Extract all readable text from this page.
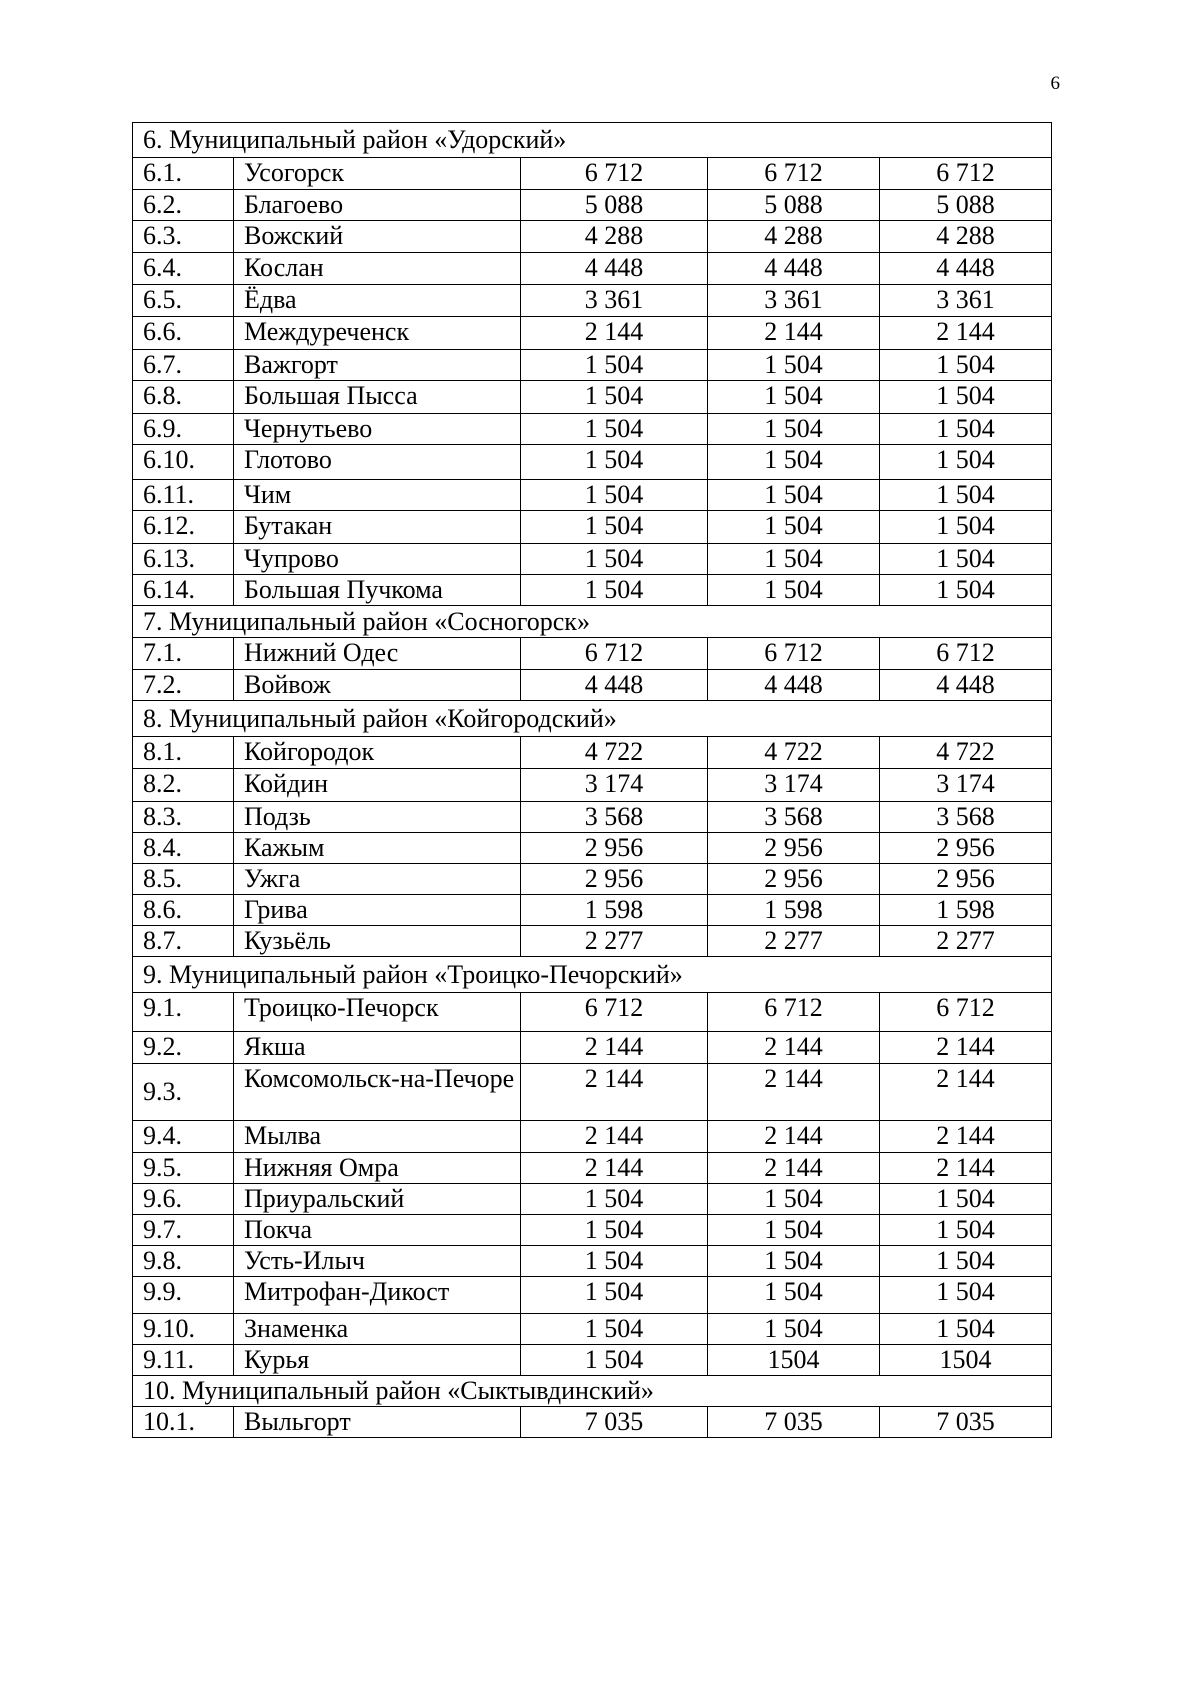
6
6. Муниципальный район «Удорский»				
6.1.	Усогорск	6 712	6 712	6 712
6.2.	Благоево	5 088	5 088	5 088
6.3.	Вожский	4 288	4 288	4 288
6.4.	Кослан	4 448	4 448	4 448
6.5.	Ёдва	3 361	3 361	3 361
6.6.	Междуреченск	2 144	2 144	2 144
6.7.	Важгорт	1 504	1 504	1 504
6.8.	Большая Пысса	1 504	1 504	1 504
6.9.	Чернутьево	1 504	1 504	1 504
6.10.	Глотово	1 504	1 504	1 504
6.11.	Чим	1 504	1 504	1 504
6.12.	Бутакан	1 504	1 504	1 504
6.13.	Чупрово	1 504	1 504	1 504
6.14.	Большая Пучкома	1 504	1 504	1 504
7. Муниципальный район «Сосногорск»				
7.1.	Нижний Одес	6 712	6 712	6 712
7.2.	Войвож	4 448	4 448	4 448
8. Муниципальный район «Койгородский»				
8.1.	Койгородок	4 722	4 722	4 722
8.2.	Койдин	3 174	3 174	3 174
8.3.	Подзь	3 568	3 568	3 568
8.4.	Кажым	2 956	2 956	2 956
8.5.	Ужга	2 956	2 956	2 956
8.6.	Грива	1 598	1 598	1 598
8.7.	Кузьёль	2 277	2 277	2 277
9. Муниципальный район «Троицко-Печорский»				
9.1.	Троицко-Печорск	6 712	6 712	6 712
9.2.	Якша	2 144	2 144	2 144
9.3.	Комсомольск-на-Печоре	2 144	2 144	2 144
9.4.	Мылва	2 144	2 144	2 144
9.5.	Нижняя Омра	2 144	2 144	2 144
9.6.	Приуральский	1 504	1 504	1 504
9.7.	Покча	1 504	1 504	1 504
9.8.	Усть-Илыч	1 504	1 504	1 504
9.9.	Митрофан-Дикост	1 504	1 504	1 504
9.10.	Знаменка	1 504	1 504	1 504
9.11.	Курья	1 504	1504	1504
10. Муниципальный район «Сыктывдинский»				
10.1.	Выльгорт	7 035	7 035	7 035
